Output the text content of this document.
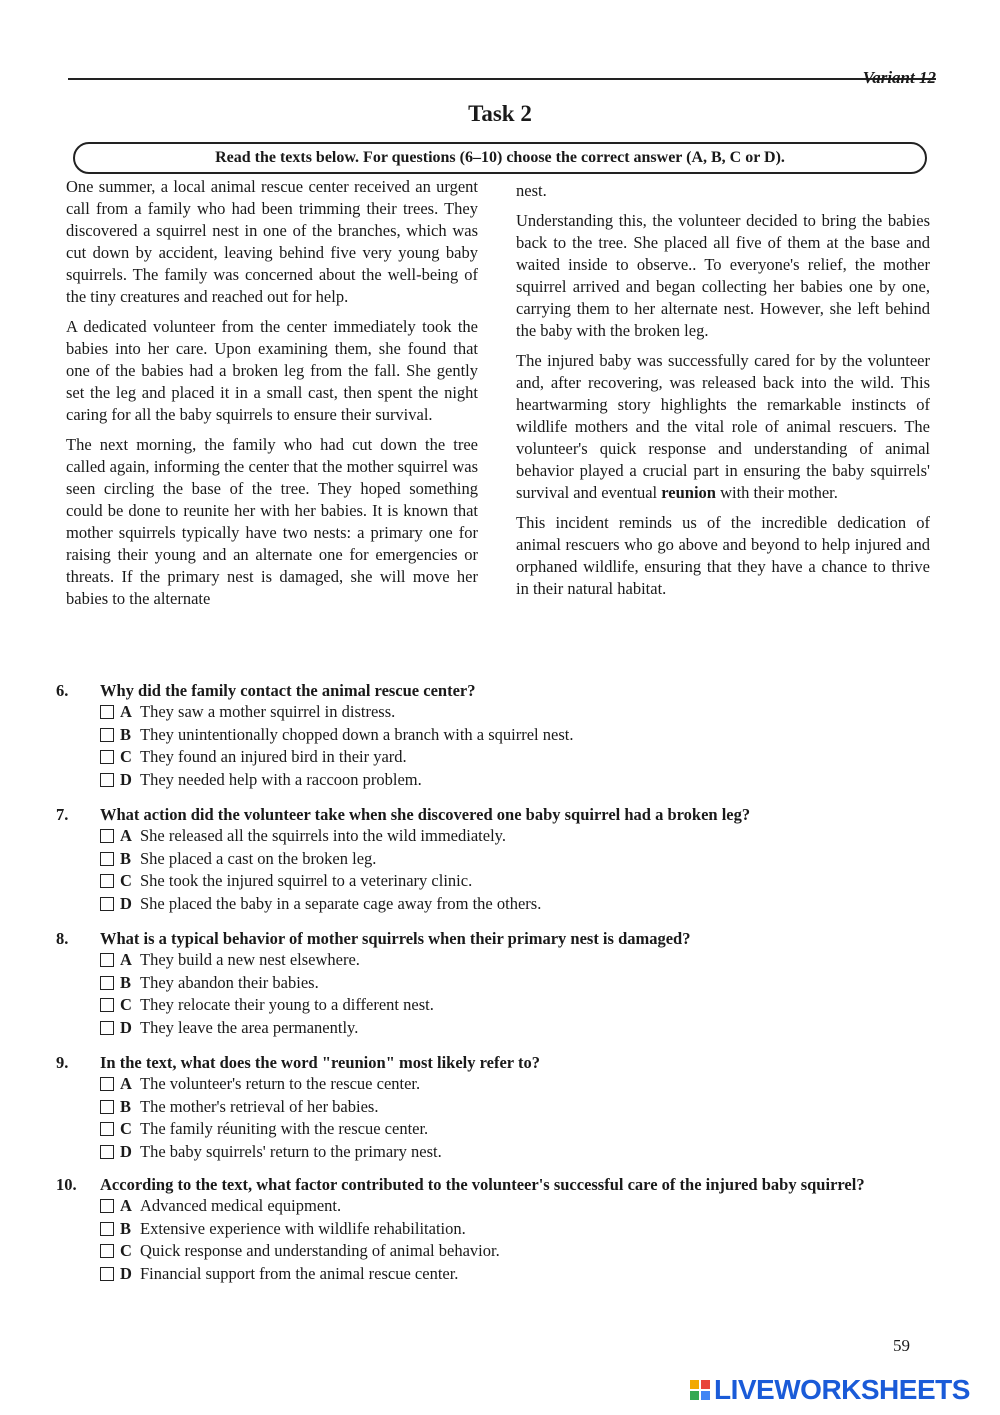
Variant 12
Task 2
Read the texts below. For questions (6–10) choose the correct answer (A, B, C or D).

One summer, a local animal rescue center received an urgent call from a family who had been trimming their trees. They discovered a squirrel nest in one of the branches, which was cut down by accident, leaving behind five very young baby squirrels. The family was concerned about the well-being of the tiny creatures and reached out for help.

A dedicated volunteer from the center immediately took the babies into her care. Upon examining them, she found that one of the babies had a broken leg from the fall. She gently set the leg and placed it in a small cast, then spent the night caring for all the baby squirrels to ensure their survival.

The next morning, the family who had cut down the tree called again, informing the center that the mother squirrel was seen circling the base of the tree. They hoped something could be done to reunite her with her babies. It is known that mother squirrels typically have two nests: a primary one for raising their young and an alternate one for emergencies or threats. If the primary nest is damaged, she will move her babies to the alternate

nest.

Understanding this, the volunteer decided to bring the babies back to the tree. She placed all five of them at the base and waited inside to observe.. To everyone's relief, the mother squirrel arrived and began collecting her babies one by one, carrying them to her alternate nest. However, she left behind the baby with the broken leg.

The injured baby was successfully cared for by the volunteer and, after recovering, was released back into the wild. This heartwarming story highlights the remarkable instincts of wildlife mothers and the vital role of animal rescuers. The volunteer's quick response and understanding of animal behavior played a crucial part in ensuring the baby squirrels' survival and eventual reunion with their mother.

This incident reminds us of the incredible dedication of animal rescuers who go above and beyond to help injured and orphaned wildlife, ensuring that they have a chance to thrive in their natural habitat.

6.	Why did the family contact the animal rescue center?
A They saw a mother squirrel in distress.
B They unintentionally chopped down a branch with a squirrel nest.
C They found an injured bird in their yard.
D They needed help with a raccoon problem.
7.	What action did the volunteer take when she discovered one baby squirrel had a broken leg?
A She released all the squirrels into the wild immediately.
B She placed a cast on the broken leg.
C She took the injured squirrel to a veterinary clinic.
D She placed the baby in a separate cage away from the others.
8.	What is a typical behavior of mother squirrels when their primary nest is damaged?
A They build a new nest elsewhere.
B They abandon their babies.
C They relocate their young to a different nest.
D They leave the area permanently.
9.	In the text, what does the word "reunion" most likely refer to?
A The volunteer's return to the rescue center.
B The mother's retrieval of her babies.
C The family réuniting with the rescue center.
D The baby squirrels' return to the primary nest.
10.	According to the text, what factor contributed to the volunteer's successful care of the injured baby squirrel?
A Advanced medical equipment.
B Extensive experience with wildlife rehabilitation.
C Quick response and understanding of animal behavior.
D Financial support from the animal rescue center.
59
LIVEWORKSHEETS
